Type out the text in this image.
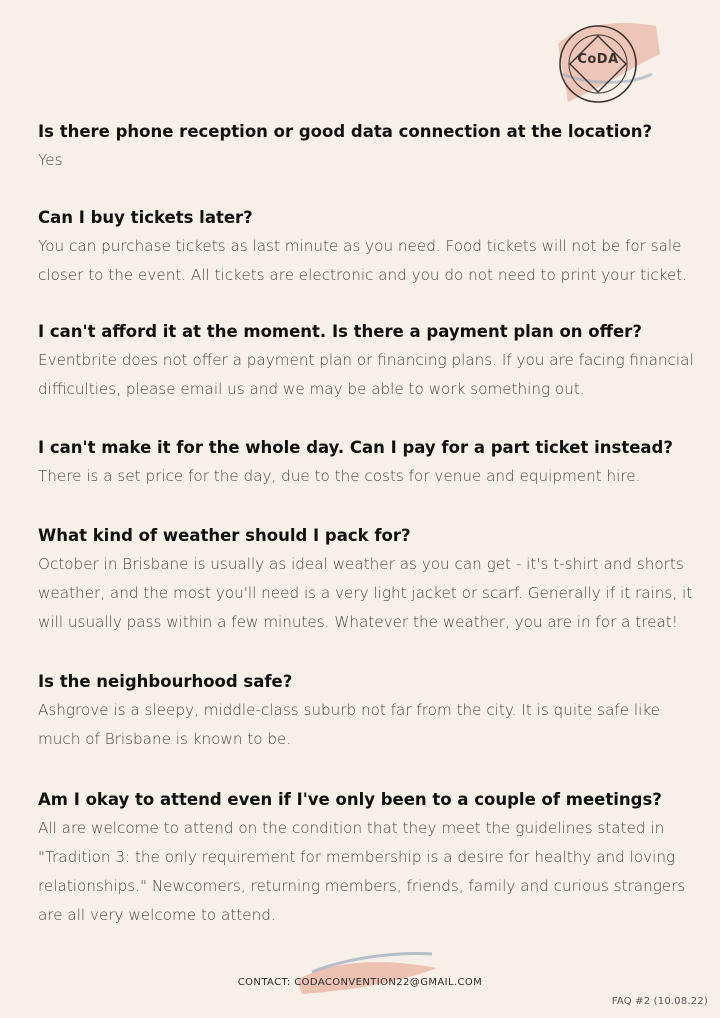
CoDA

Is there phone reception or good data connection at the location?

Yes

Can I buy tickets later?

You can purchase tickets as last minute as you need. Food tickets will not be for sale closer to the event. All tickets are electronic and you do not need to print your ticket.

I can't afford it at the moment. Is there a payment plan on offer?

Eventbrite does not offer a payment plan or financing plans. If you are facing financial difficulties, please email us and we may be able to work something out.

I can't make it for the whole day. Can I pay for a part ticket instead?

There is a set price for the day, due to the costs for venue and equipment hire.

What kind of weather should I pack for?

October in Brisbane is usually as ideal weather as you can get - it's t-shirt and shorts weather, and the most you'll need is a very light jacket or scarf. Generally if it rains, it will usually pass within a few minutes. Whatever the weather, you are in for a treat!

Is the neighbourhood safe?

Ashgrove is a sleepy, middle-class suburb not far from the city. It is quite safe like much of Brisbane is known to be.

Am I okay to attend even if I've only been to a couple of meetings?

All are welcome to attend on the condition that they meet the guidelines stated in "Tradition 3: the only requirement for membership is a desire for healthy and loving relationships." Newcomers, returning members, friends, family and curious strangers are all very welcome to attend.

CONTACT: CODACONVENTION22@GMAIL.COM
FAQ #2 (10.08.22)
